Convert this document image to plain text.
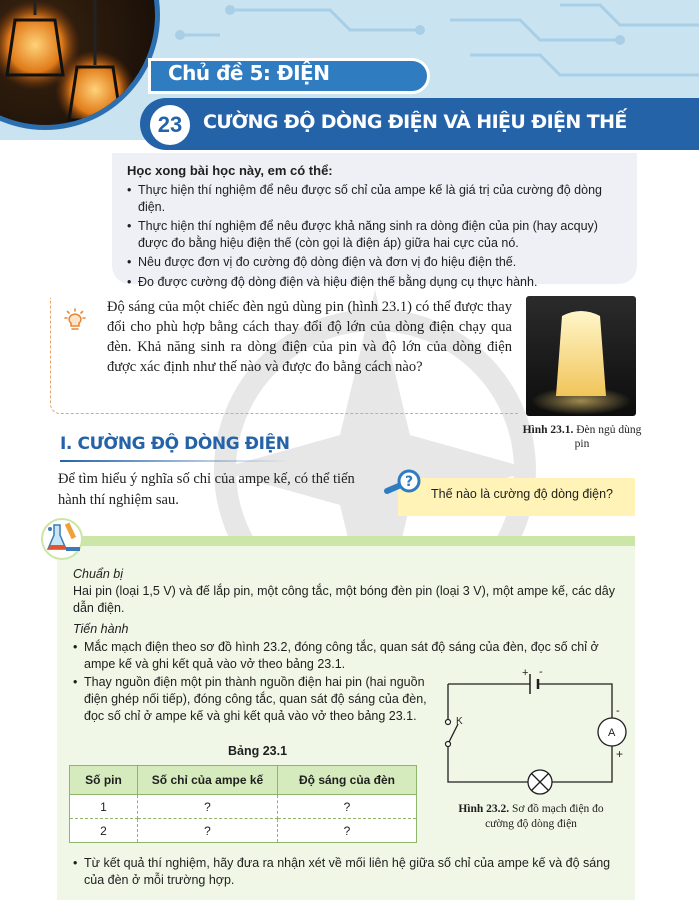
Chủ đề 5: ĐIỆN
23	CƯỜNG ĐỘ DÒNG ĐIỆN VÀ HIỆU ĐIỆN THẾ
Học xong bài học này, em có thể:
• Thực hiện thí nghiệm để nêu được số chỉ của ampe kế là giá trị của cường độ dòng điện.
• Thực hiện thí nghiệm để nêu được khả năng sinh ra dòng điện của pin (hay acquy) được đo bằng hiệu điện thế (còn gọi là điện áp) giữa hai cực của nó.
• Nêu được đơn vị đo cường độ dòng điện và đơn vị đo hiệu điện thế.
• Đo được cường độ dòng điện và hiệu điện thế bằng dụng cụ thực hành.
Độ sáng của một chiếc đèn ngủ dùng pin (hình 23.1) có thể được thay đổi cho phù hợp bằng cách thay đổi độ lớn của dòng điện chạy qua đèn. Khả năng sinh ra dòng điện của pin và độ lớn của dòng điện được xác định như thế nào và được đo bằng cách nào?
Hình 23.1. Đèn ngủ dùng pin
I. CƯỜNG ĐỘ DÒNG ĐIỆN
Để tìm hiểu ý nghĩa số chỉ của ampe kế, có thể tiến hành thí nghiệm sau.
?
Thế nào là cường độ dòng điện?
Chuẩn bị
Hai pin (loại 1,5 V) và đế lắp pin, một công tắc, một bóng đèn pin (loại 3 V), một ampe kế, các dây dẫn điện.
Tiến hành
• Mắc mạch điện theo sơ đồ hình 23.2, đóng công tắc, quan sát độ sáng của đèn, đọc số chỉ ở ampe kế và ghi kết quả vào vở theo bảng 23.1.
• Thay nguồn điện một pin thành nguồn điện hai pin (hai nguồn điện ghép nối tiếp), đóng công tắc, quan sát độ sáng của đèn, đọc số chỉ ở ampe kế và ghi kết quả vào vở theo bảng 23.1.
Bảng 23.1
Số pin	Số chỉ của ampe kế	Độ sáng của đèn
1	?	?
2	?	?
+ -
K
A
-
+
Hình 23.2. Sơ đồ mạch điện đo cường độ dòng điện
• Từ kết quả thí nghiệm, hãy đưa ra nhận xét về mối liên hệ giữa số chỉ của ampe kế và độ sáng của đèn ở mỗi trường hợp.
